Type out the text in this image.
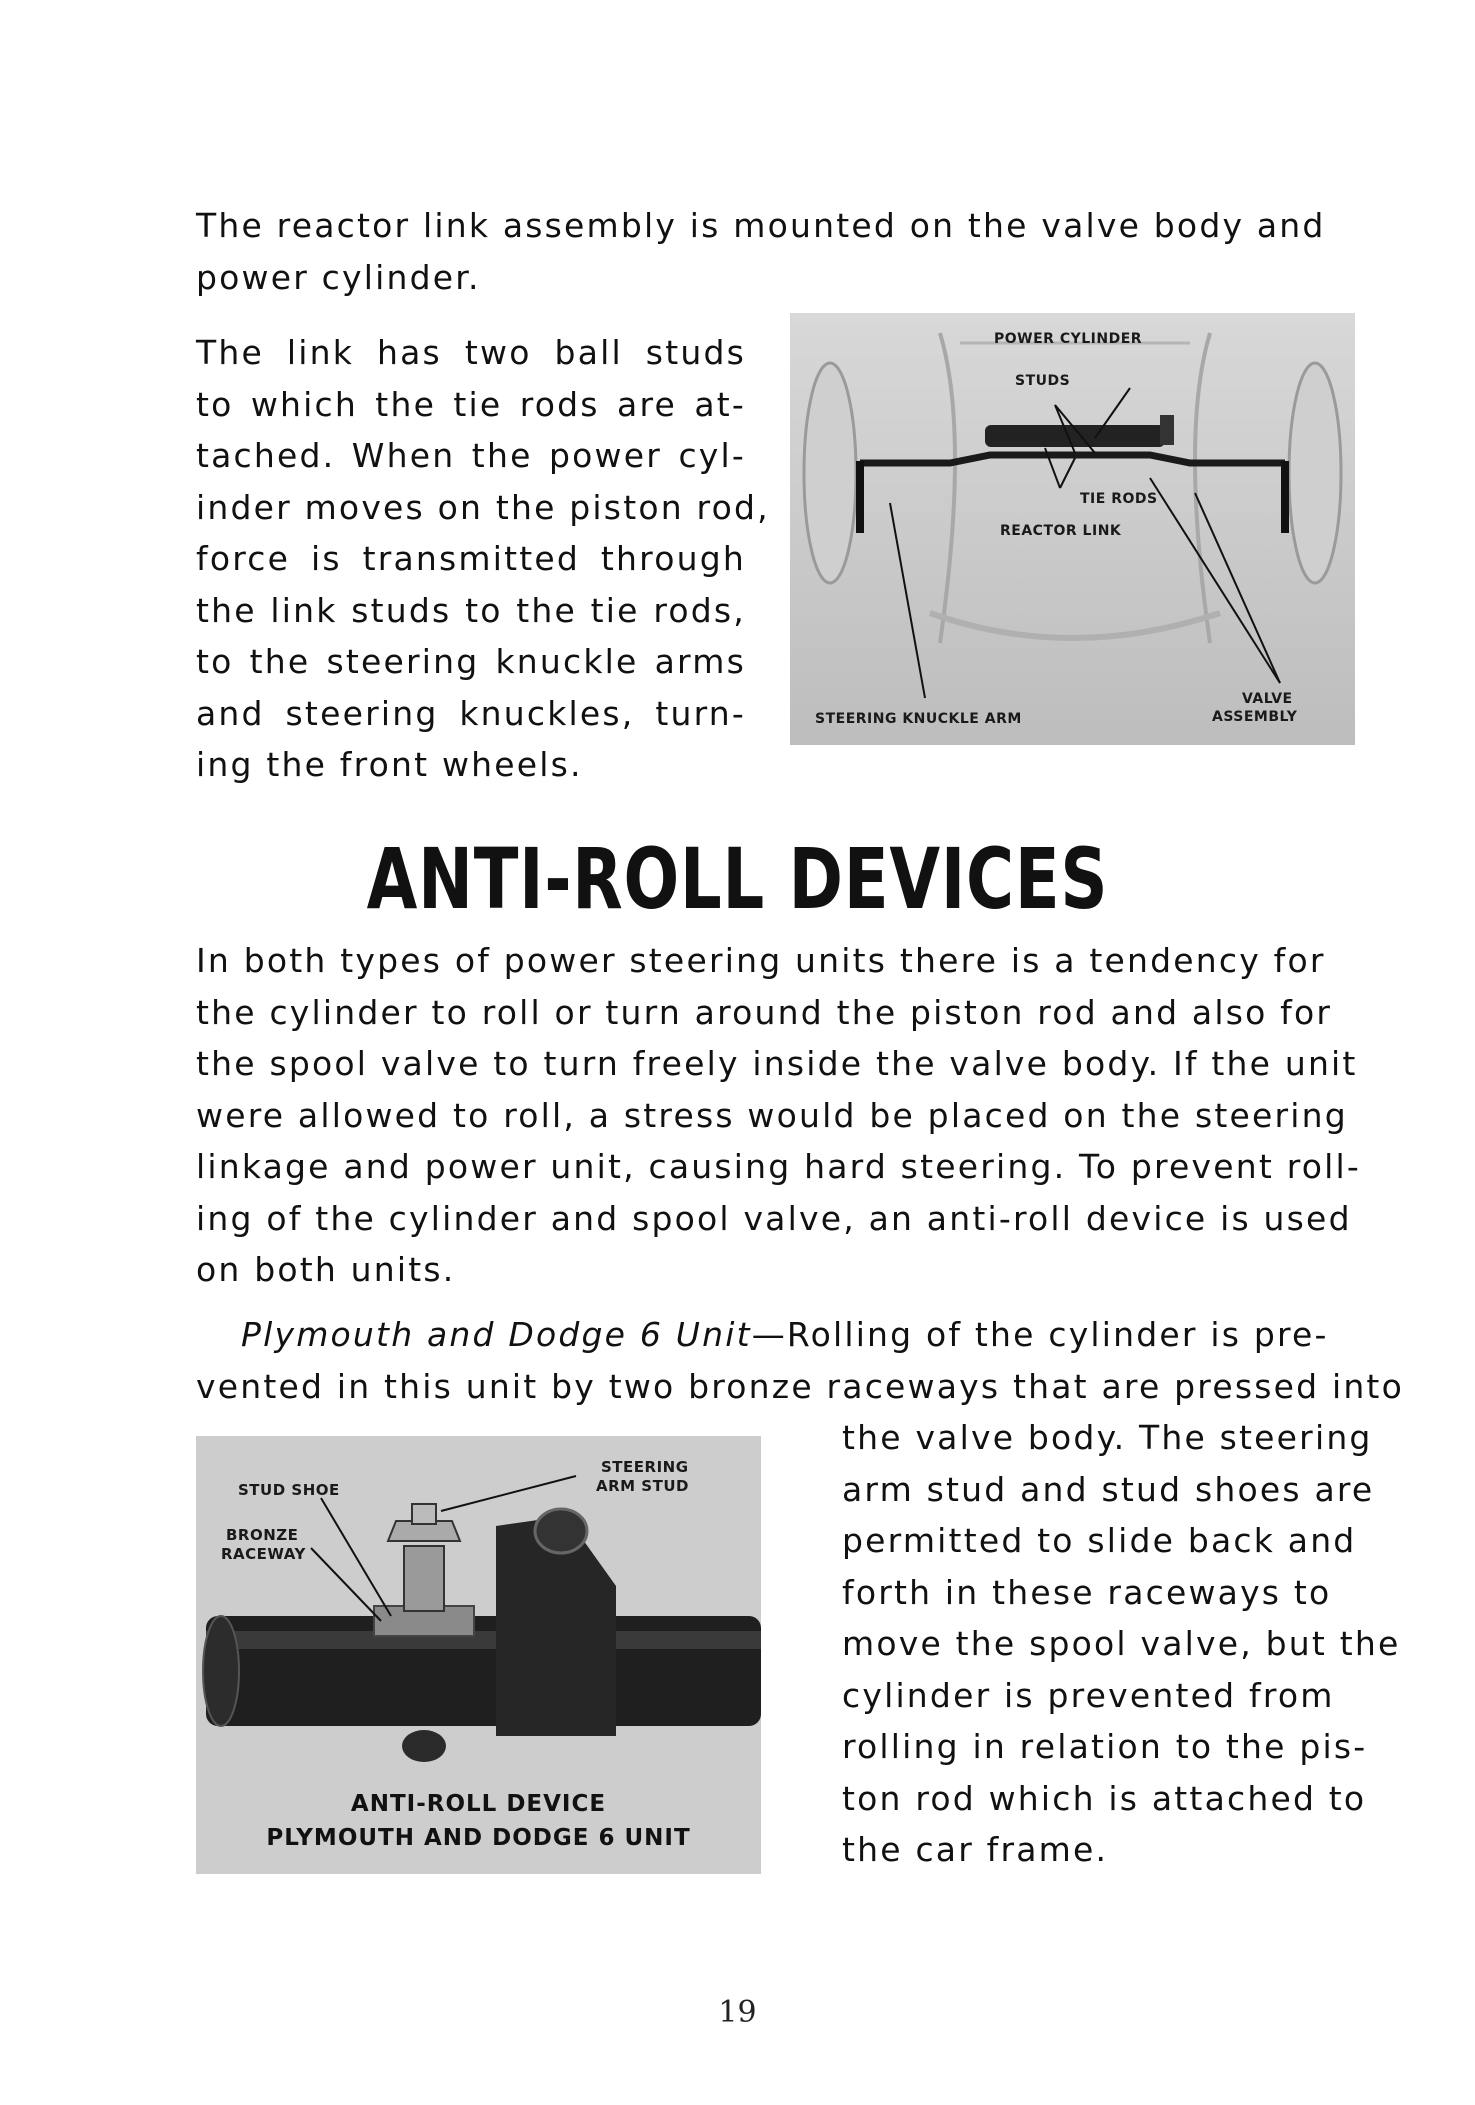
The reactor link assembly is mounted on the valve body and
power cylinder.
The link has two ball studs
to which the tie rods are at-
tached. When the power cyl-
inder moves on the piston rod,
force is transmitted through
the link studs to the tie rods,
to the steering knuckle arms
and steering knuckles, turn-
ing the front wheels.
POWER CYLINDER
STUDS
TIE RODS
REACTOR LINK
STEERING KNUCKLE ARM
VALVE
ASSEMBLY
ANTI-ROLL DEVICES
In both types of power steering units there is a tendency for
the cylinder to roll or turn around the piston rod and also for
the spool valve to turn freely inside the valve body. If the unit
were allowed to roll, a stress would be placed on the steering
linkage and power unit, causing hard steering. To prevent roll-
ing of the cylinder and spool valve, an anti-roll device is used
on both units.
Plymouth and Dodge 6 Unit—Rolling of the cylinder is pre-
vented in this unit by two bronze raceways that are pressed into
the valve body. The steering
arm stud and stud shoes are
permitted to slide back and
forth in these raceways to
move the spool valve, but the
cylinder is prevented from
rolling in relation to the pis-
ton rod which is attached to
the car frame.
STUD SHOE
BRONZE
RACEWAY
STEERING
ARM STUD
ANTI-ROLL DEVICE
PLYMOUTH AND DODGE 6 UNIT
19
